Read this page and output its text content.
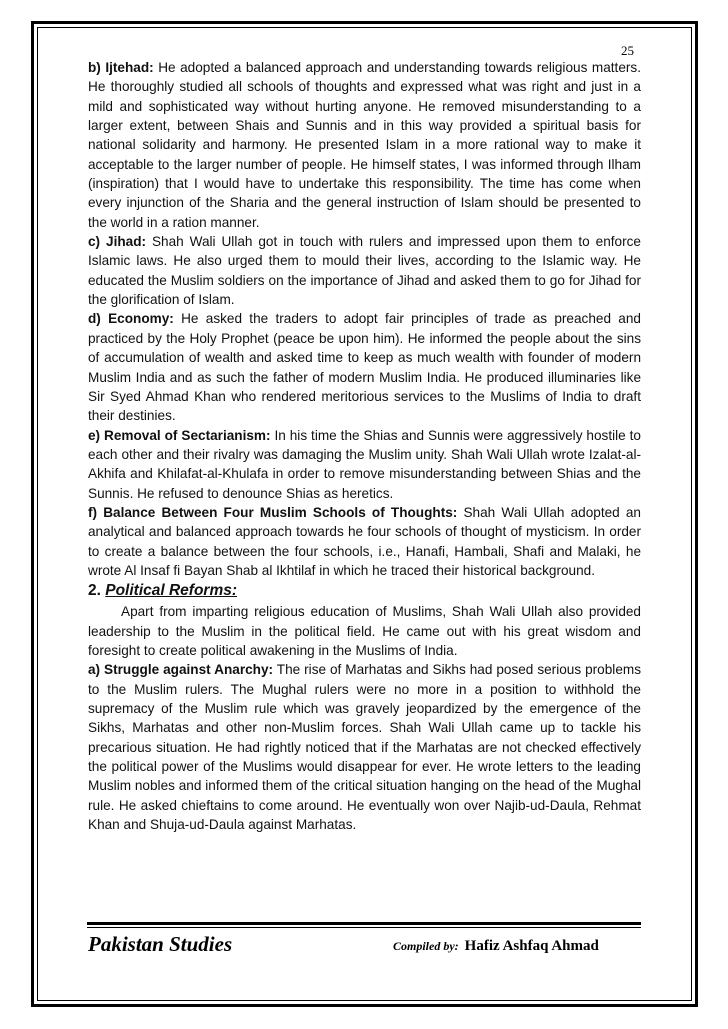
25

b) Ijtehad: He adopted a balanced approach and understanding towards religious matters. He thoroughly studied all schools of thoughts and expressed what was right and just in a mild and sophisticated way without hurting anyone. He removed misunderstanding to a larger extent, between Shais and Sunnis and in this way provided a spiritual basis for national solidarity and harmony. He presented Islam in a more rational way to make it acceptable to the larger number of people. He himself states, I was informed through Ilham (inspiration) that I would have to undertake this responsibility. The time has come when every injunction of the Sharia and the general instruction of Islam should be presented to the world in a ration manner.

c) Jihad: Shah Wali Ullah got in touch with rulers and impressed upon them to enforce Islamic laws. He also urged them to mould their lives, according to the Islamic way. He educated the Muslim soldiers on the importance of Jihad and asked them to go for Jihad for the glorification of Islam.

d) Economy: He asked the traders to adopt fair principles of trade as preached and practiced by the Holy Prophet (peace be upon him). He informed the people about the sins of accumulation of wealth and asked time to keep as much wealth with founder of modern Muslim India and as such the father of modern Muslim India. He produced illuminaries like Sir Syed Ahmad Khan who rendered meritorious services to the Muslims of India to draft their destinies.

e) Removal of Sectarianism: In his time the Shias and Sunnis were aggressively hostile to each other and their rivalry was damaging the Muslim unity. Shah Wali Ullah wrote Izalat-al-Akhifa and Khilafat-al-Khulafa in order to remove misunderstanding between Shias and the Sunnis. He refused to denounce Shias as heretics.

f) Balance Between Four Muslim Schools of Thoughts: Shah Wali Ullah adopted an analytical and balanced approach towards he four schools of thought of mysticism. In order to create a balance between the four schools, i.e., Hanafi, Hambali, Shafi and Malaki, he wrote Al Insaf fi Bayan Shab al Ikhtilaf in which he traced their historical background.

2. Political Reforms:

Apart from imparting religious education of Muslims, Shah Wali Ullah also provided leadership to the Muslim in the political field. He came out with his great wisdom and foresight to create political awakening in the Muslims of India.

a) Struggle against Anarchy: The rise of Marhatas and Sikhs had posed serious problems to the Muslim rulers. The Mughal rulers were no more in a position to withhold the supremacy of the Muslim rule which was gravely jeopardized by the emergence of the Sikhs, Marhatas and other non-Muslim forces. Shah Wali Ullah came up to tackle his precarious situation. He had rightly noticed that if the Marhatas are not checked effectively the political power of the Muslims would disappear for ever. He wrote letters to the leading Muslim nobles and informed them of the critical situation hanging on the head of the Mughal rule. He asked chieftains to come around. He eventually won over Najib-ud-Daula, Rehmat Khan and Shuja-ud-Daula against Marhatas.

Pakistan Studies	Compiled by: Hafiz Ashfaq Ahmad
